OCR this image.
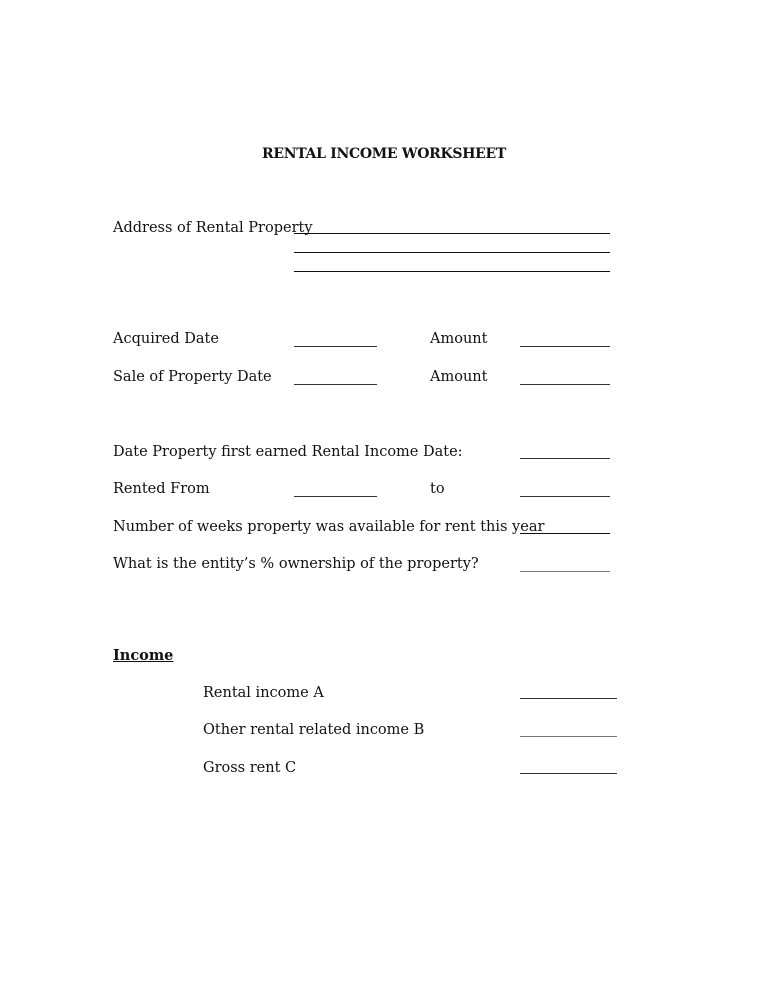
RENTAL INCOME WORKSHEET
Address of Rental Property
Acquired Date	Amount
Sale of Property Date	Amount
Date Property first earned Rental Income Date:
Rented From	to
Number of weeks property was available for rent this year
What is the entity’s % ownership of the property?
Income
Rental income A
Other rental related income B
Gross rent C
